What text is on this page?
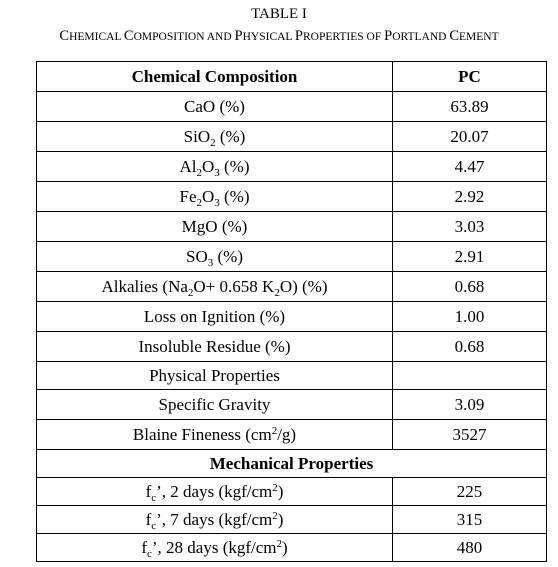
TABLE I
CHEMICAL COMPOSITION AND PHYSICAL PROPERTIES OF PORTLAND CEMENT
Chemical Composition	PC
CaO (%)	63.89
SiO$_2$ (%)	20.07
$Al_2O_3$ (%)	4.47
$Fe_2O_3$ (%)	2.92
MgO (%)	3.03
$SO_3$ (%)	2.91
Alkalies ($Na_2O+ 0.658$ $K_2O$) (%)	0.68
Loss on Ignition (%)	1.00
Insoluble Residue (%)	0.68
Physical Properties	
Specific Gravity	3.09
Blaine Fineness $(cm^2/g)$	3527
Mechanical Properties	
$f_c$’, 2 days $(kgf/cm^2)$	225
$f_c$’, 7 days $(kgf/cm^2)$	315
$f_c$’, 28 days $(kgf/cm^2)$	480
